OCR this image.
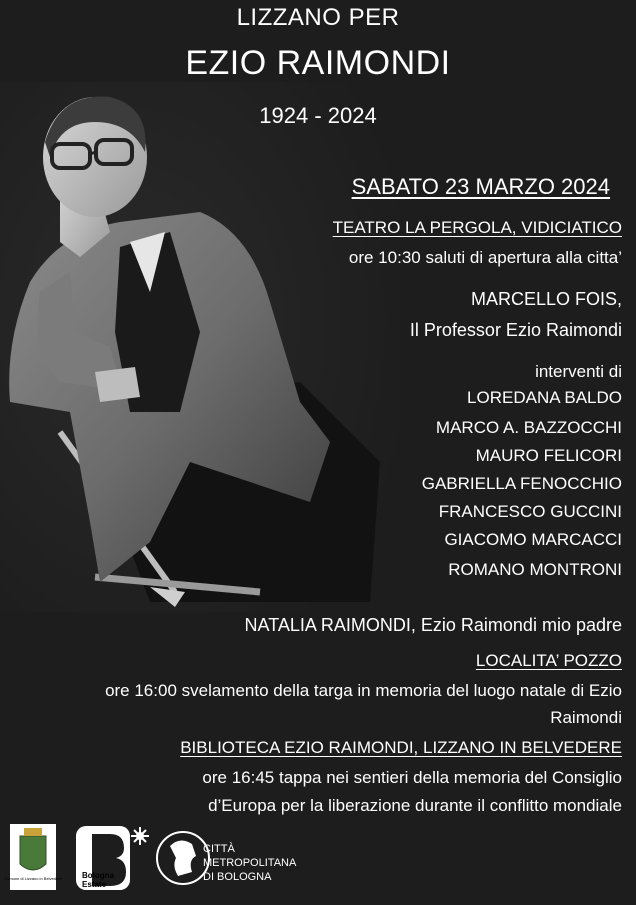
LIZZANO PER
EZIO RAIMONDI
1924 - 2024
SABATO 23 MARZO 2024
TEATRO LA PERGOLA, VIDICIATICO
ore 10:30 saluti di apertura alla citta’
MARCELLO FOIS,
Il Professor Ezio Raimondi
interventi di
LOREDANA BALDO
MARCO A. BAZZOCCHI
MAURO FELICORI
GABRIELLA FENOCCHIO
FRANCESCO GUCCINI
GIACOMO MARCACCI
ROMANO MONTRONI
NATALIA RAIMONDI, Ezio Raimondi mio padre
LOCALITA’ POZZO
ore 16:00 svelamento della targa in memoria del luogo natale di Ezio
Raimondi
BIBLIOTECA EZIO RAIMONDI, LIZZANO IN BELVEDERE
ore 16:45 tappa nei sentieri della memoria del Consiglio
d’Europa per la liberazione durante il conflitto mondiale
Comune di Lizzano in Belvedere	Bologna
Estate
CITTÀ
METROPOLITANA
DI BOLOGNA
